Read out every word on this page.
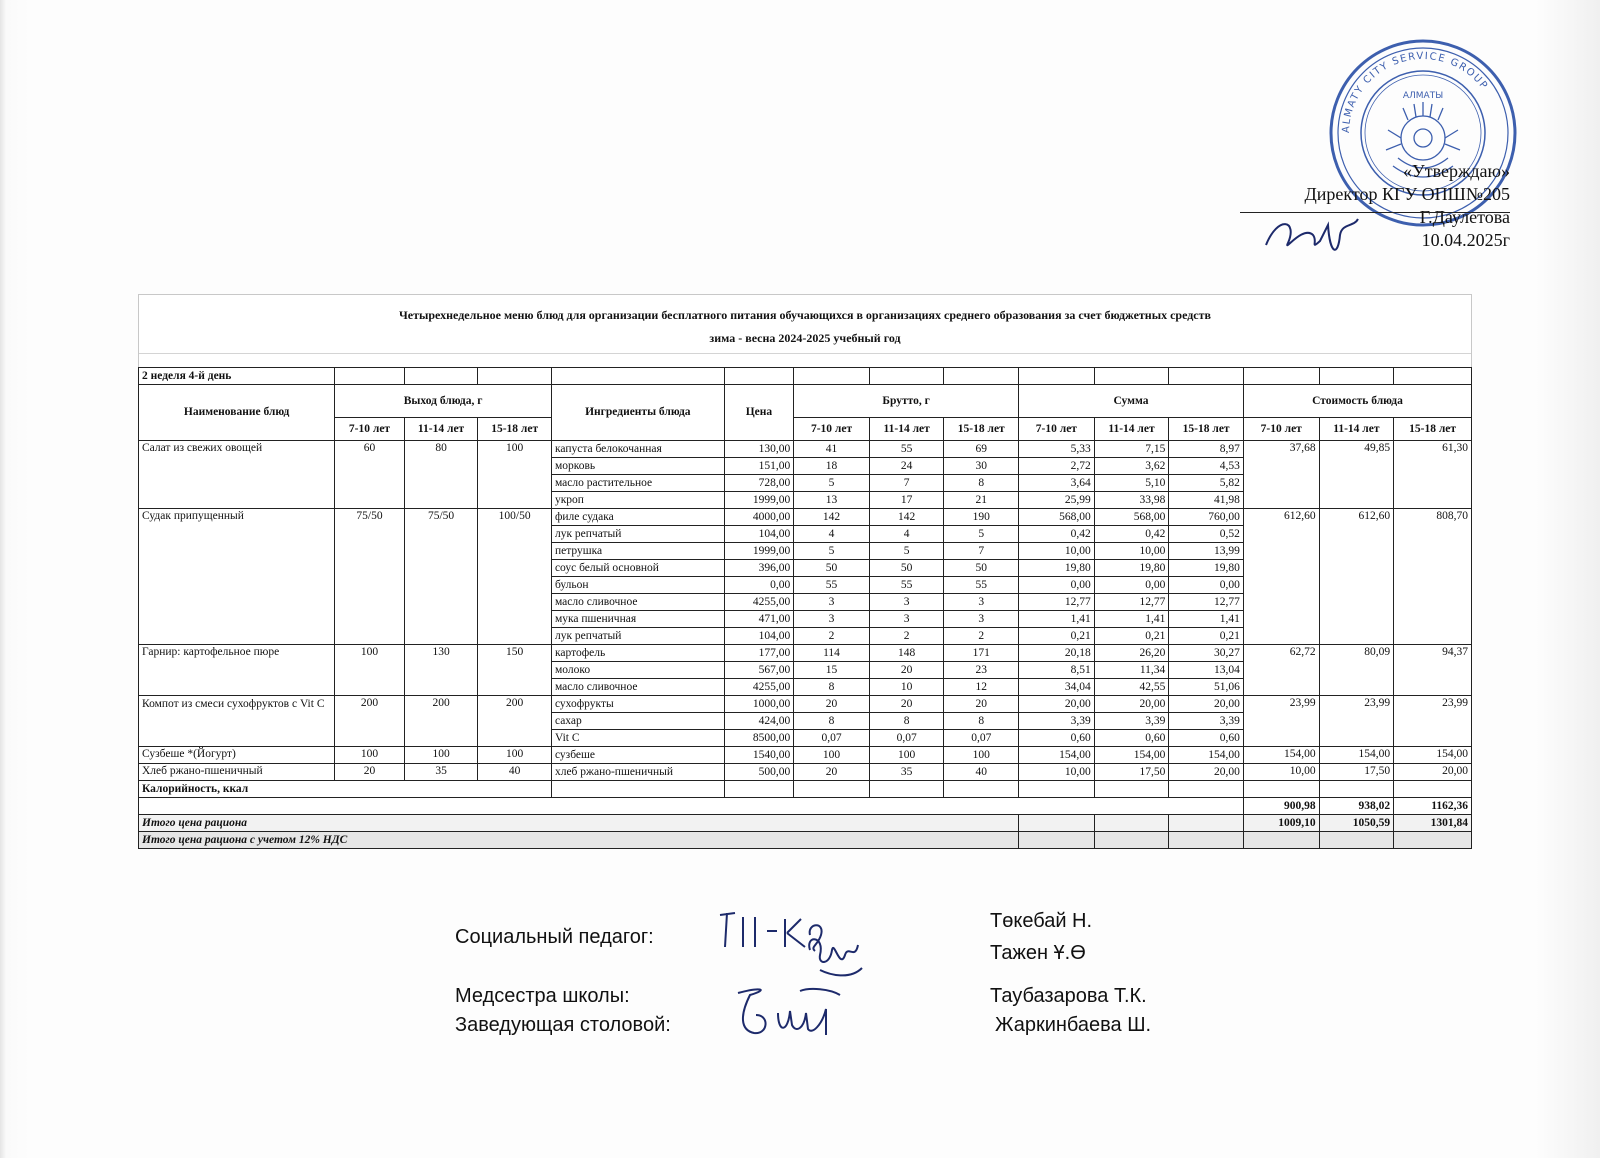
ALMATY CITY SERVICE GROUP
АЛМАТЫ
«Утверждаю»
Директор КГУ ОПШ№205
Г.Даулетова
10.04.2025г
Четырехнедельное меню блюд для организации бесплатного питания обучающихся в организациях среднего образования за счет бюджетных средств
зима - весна 2024-2025 учебный год
2 неделя 4-й день														
Наименование блюд	Выход блюда, г			Ингредиенты блюда	Цена	Брутто, г			Сумма			Стоимость блюда		
	7-10 лет	11-14 лет	15-18 лет			7-10 лет	11-14 лет	15-18 лет	7-10 лет	11-14 лет	15-18 лет	7-10 лет	11-14 лет	15-18 лет
Салат из свежих овощей	60	80	100	капуста белокочанная	130,00	41	55	69	5,33	7,15	8,97	37,68	49,85	61,30
				морковь	151,00	18	24	30	2,72	3,62	4,53			
				масло растительное	728,00	5	7	8	3,64	5,10	5,82			
				укроп	1999,00	13	17	21	25,99	33,98	41,98			
Судак припущенный	75/50	75/50	100/50	филе судака	4000,00	142	142	190	568,00	568,00	760,00	612,60	612,60	808,70
				лук репчатый	104,00	4	4	5	0,42	0,42	0,52			
				петрушка	1999,00	5	5	7	10,00	10,00	13,99			
				соус белый основной	396,00	50	50	50	19,80	19,80	19,80			
				бульон	0,00	55	55	55	0,00	0,00	0,00			
				масло сливочное	4255,00	3	3	3	12,77	12,77	12,77			
				мука пшеничная	471,00	3	3	3	1,41	1,41	1,41			
				лук репчатый	104,00	2	2	2	0,21	0,21	0,21			
Гарнир: картофельное пюре	100	130	150	картофель	177,00	114	148	171	20,18	26,20	30,27	62,72	80,09	94,37
				молоко	567,00	15	20	23	8,51	11,34	13,04			
				масло сливочное	4255,00	8	10	12	34,04	42,55	51,06			
Компот из смеси сухофруктов с Vit C	200	200	200	сухофрукты	1000,00	20	20	20	20,00	20,00	20,00	23,99	23,99	23,99
				сахар	424,00	8	8	8	3,39	3,39	3,39			
				Vit C	8500,00	0,07	0,07	0,07	0,60	0,60	0,60			
Сузбеше *(Йогурт)	100	100	100	сузбеше	1540,00	100	100	100	154,00	154,00	154,00	154,00	154,00	154,00
Хлеб ржано-пшеничный	20	35	40	хлеб ржано-пшеничный	500,00	20	35	40	10,00	17,50	20,00	10,00	17,50	20,00
Калорийность, ккал														
												900,98	938,02	1162,36
Итого цена рациона												1009,10	1050,59	1301,84
Итого цена рациона с учетом 12% НДС														
Социальный педагог:
Төкебай Н.
Тажен Ұ.Ө
Медсестра школы:	Таубазарова Т.К.
Заведующая столовой:	Жаркинбаева Ш.
